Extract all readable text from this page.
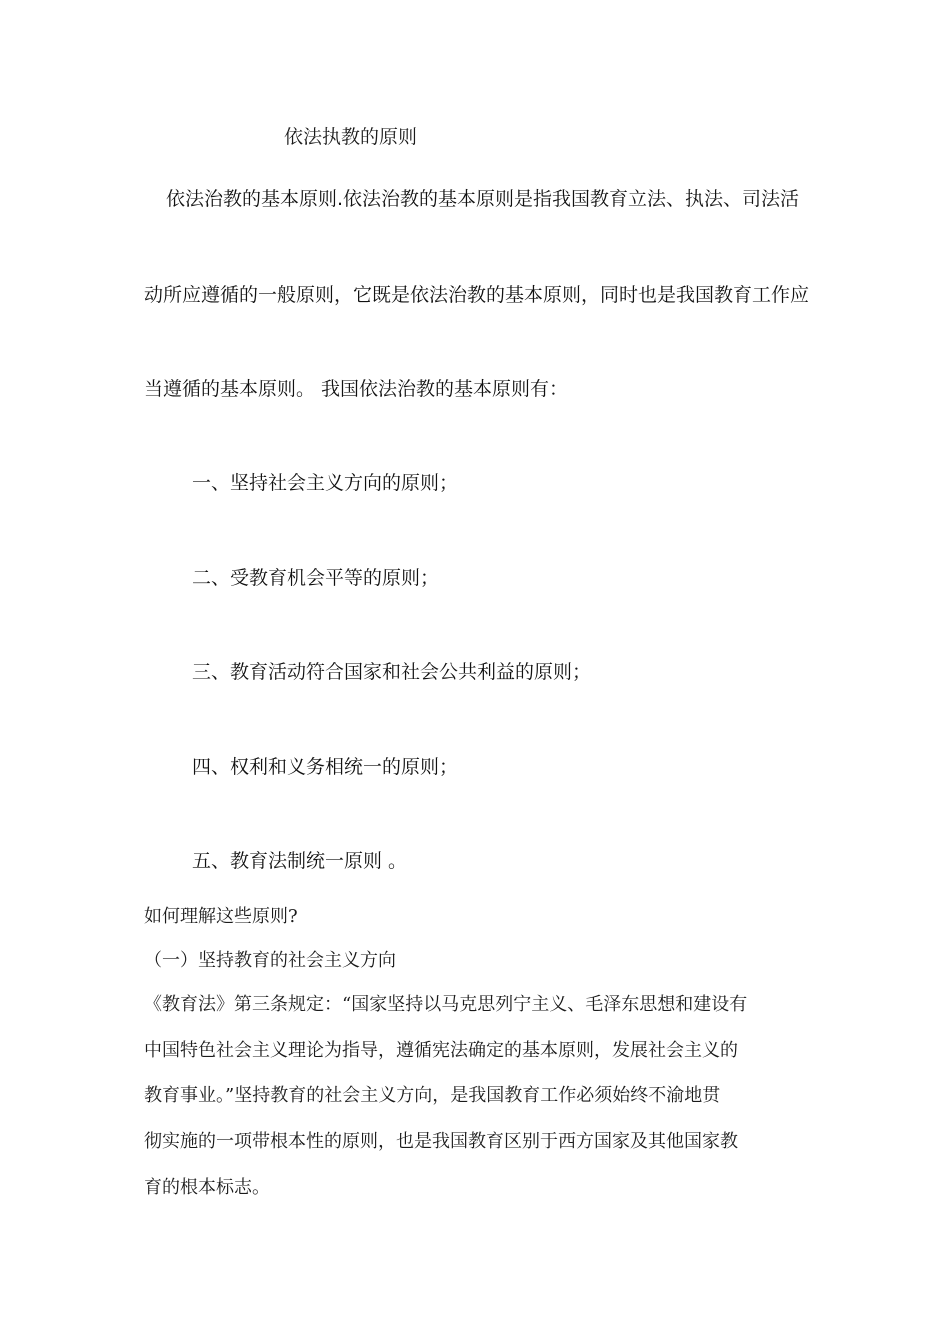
依法执教的原则
依法治教的基本原则.依法治教的基本原则是指我国教育立法、执法、司法活
动所应遵循的一般原则，它既是依法治教的基本原则，同时也是我国教育工作应
当遵循的基本原则。 我国依法治教的基本原则有：
一、坚持社会主义方向的原则；
二、受教育机会平等的原则；
三、教育活动符合国家和社会公共利益的原则；
四、权利和义务相统一的原则；
五、教育法制统一原则 。
如何理解这些原则?
（一）坚持教育的社会主义方向
《教育法》第三条规定：“国家坚持以马克思列宁主义、毛泽东思想和建设有
中国特色社会主义理论为指导，遵循宪法确定的基本原则，发展社会主义的
教育事业。”坚持教育的社会主义方向，是我国教育工作必须始终不渝地贯
彻实施的一项带根本性的原则，也是我国教育区别于西方国家及其他国家教
育的根本标志。
